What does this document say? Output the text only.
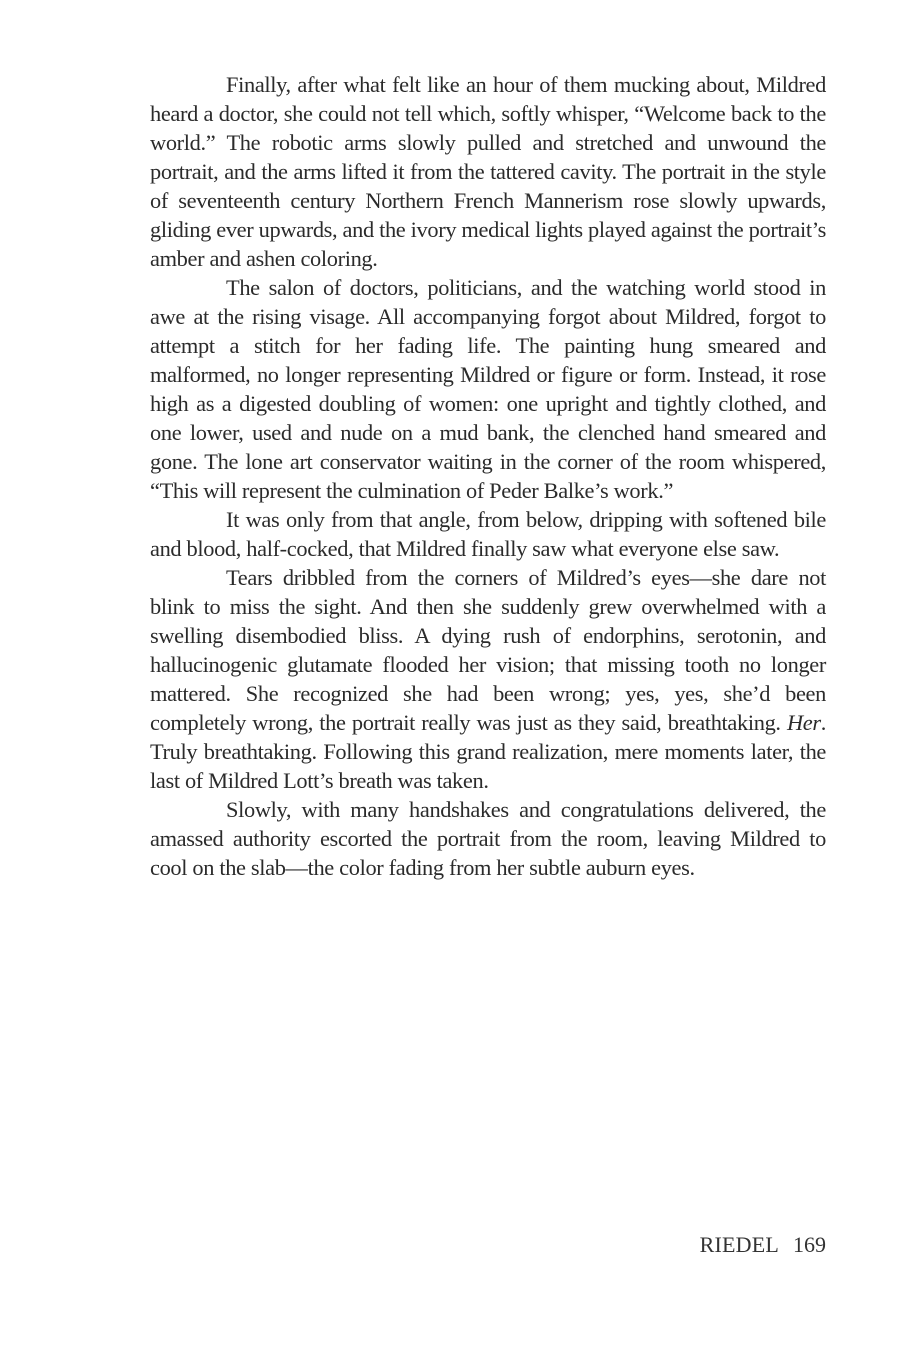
Finally, after what felt like an hour of them mucking about, Mildred heard a doctor, she could not tell which, softly whisper, “Welcome back to the world.” The robotic arms slowly pulled and stretched and unwound the portrait, and the arms lifted it from the tattered cavity. The portrait in the style of seventeenth century Northern French Mannerism rose slowly upwards, gliding ever upwards, and the ivory medical lights played against the portrait’s amber and ashen coloring.

The salon of doctors, politicians, and the watching world stood in awe at the rising visage. All accompanying forgot about Mildred, forgot to attempt a stitch for her fading life. The painting hung smeared and malformed, no longer representing Mildred or figure or form. Instead, it rose high as a digested doubling of women: one upright and tightly clothed, and one lower, used and nude on a mud bank, the clenched hand smeared and gone. The lone art conservator waiting in the corner of the room whispered, “This will represent the culmination of Peder Balke’s work.”

It was only from that angle, from below, dripping with softened bile and blood, half-cocked, that Mildred finally saw what everyone else saw.

Tears dribbled from the corners of Mildred’s eyes—she dare not blink to miss the sight. And then she suddenly grew overwhelmed with a swelling disembodied bliss. A dying rush of endorphins, serotonin, and hallucinogenic glutamate flooded her vision; that missing tooth no longer mattered. She recognized she had been wrong; yes, yes, she’d been completely wrong, the portrait really was just as they said, breathtaking. Her. Truly breathtaking. Following this grand realization, mere moments later, the last of Mildred Lott’s breath was taken.

Slowly, with many handshakes and congratulations delivered, the amassed authority escorted the portrait from the room, leaving Mildred to cool on the slab—the color fading from her subtle auburn eyes.

RIEDEL 169
